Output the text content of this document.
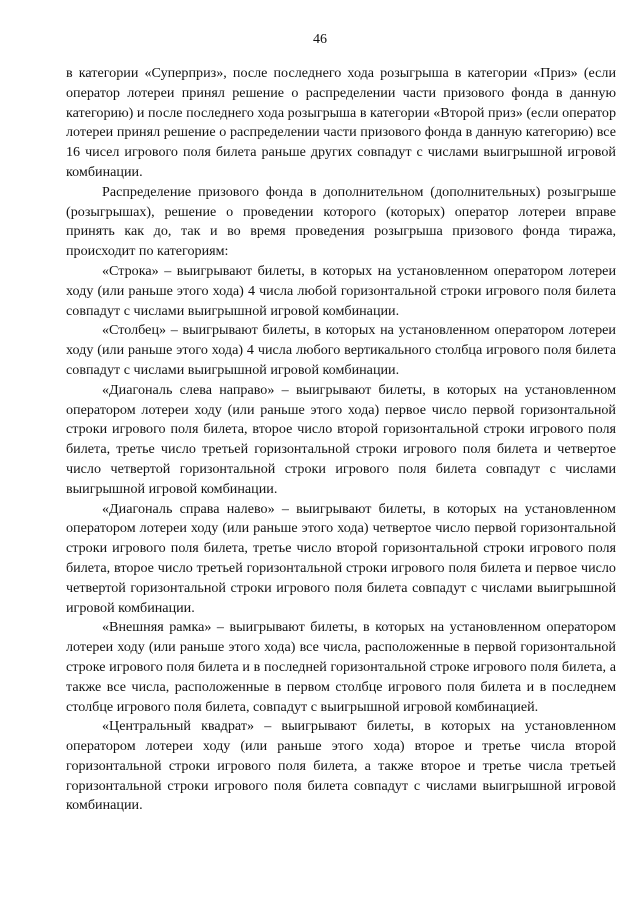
46

в категории «Суперприз», после последнего хода розыгрыша в категории «Приз» (если оператор лотереи принял решение о распределении части призового фонда в данную категорию) и после последнего хода розыгрыша в категории «Второй приз» (если оператор лотереи принял решение о распределении части призового фонда в данную категорию) все 16 чисел игрового поля билета раньше других совпадут с числами выигрышной игровой комбинации.

Распределение призового фонда в дополнительном (дополнительных) розыгрыше (розыгрышах), решение о проведении которого (которых) оператор лотереи вправе принять как до, так и во время проведения розыгрыша призового фонда тиража, происходит по категориям:

«Строка» – выигрывают билеты, в которых на установленном оператором лотереи ходу (или раньше этого хода) 4 числа любой горизонтальной строки игрового поля билета совпадут с числами выигрышной игровой комбинации.

«Столбец» – выигрывают билеты, в которых на установленном оператором лотереи ходу (или раньше этого хода) 4 числа любого вертикального столбца игрового поля билета совпадут с числами выигрышной игровой комбинации.

«Диагональ слева направо» – выигрывают билеты, в которых на установленном оператором лотереи ходу (или раньше этого хода) первое число первой горизонтальной строки игрового поля билета, второе число второй горизонтальной строки игрового поля билета, третье число третьей горизонтальной строки игрового поля билета и четвертое число четвертой горизонтальной строки игрового поля билета совпадут с числами выигрышной игровой комбинации.

«Диагональ справа налево» – выигрывают билеты, в которых на установленном оператором лотереи ходу (или раньше этого хода) четвертое число первой горизонтальной строки игрового поля билета, третье число второй горизонтальной строки игрового поля билета, второе число третьей горизонтальной строки игрового поля билета и первое число четвертой горизонтальной строки игрового поля билета совпадут с числами выигрышной игровой комбинации.

«Внешняя рамка» – выигрывают билеты, в которых на установленном оператором лотереи ходу (или раньше этого хода) все числа, расположенные в первой горизонтальной строке игрового поля билета и в последней горизонтальной строке игрового поля билета, а также все числа, расположенные в первом столбце игрового поля билета и в последнем столбце игрового поля билета, совпадут с выигрышной игровой комбинацией.

«Центральный квадрат» – выигрывают билеты, в которых на установленном оператором лотереи ходу (или раньше этого хода) второе и третье числа второй горизонтальной строки игрового поля билета, а также второе и третье числа третьей горизонтальной строки игрового поля билета совпадут с числами выигрышной игровой комбинации.
